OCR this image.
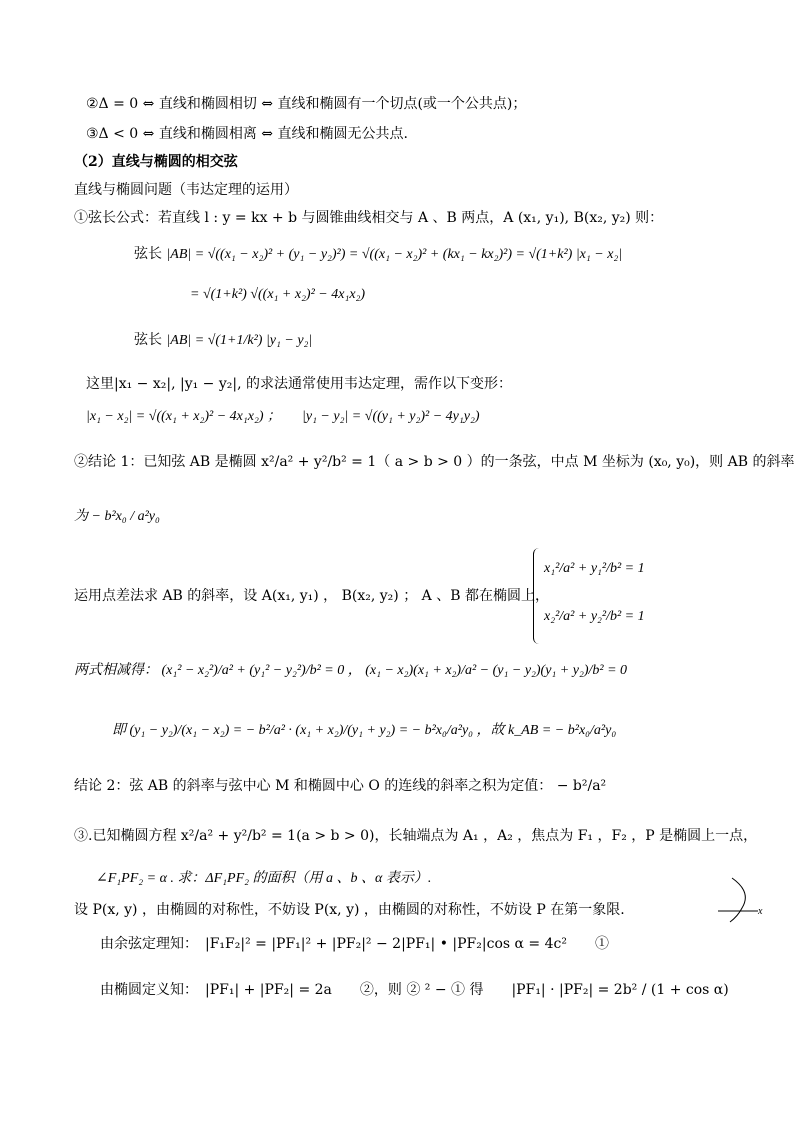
②Δ = 0 ⇔ 直线和椭圆相切 ⇔ 直线和椭圆有一个切点(或一个公共点)；
③Δ < 0 ⇔ 直线和椭圆相离 ⇔ 直线和椭圆无公共点.
（2）直线与椭圆的相交弦
直线与椭圆问题（韦达定理的运用）
①弦长公式：若直线 l : y = kx + b 与圆锥曲线相交与 A 、B 两点，A (x₁, y₁), B(x₂, y₂) 则：
弦长 |AB| = √((x₁ − x₂)² + (y₁ − y₂)²) = √((x₁ − x₂)² + (kx₁ − kx₂)²) = √(1+k²) |x₁ − x₂|
= √(1+k²) √((x₁ + x₂)² − 4x₁x₂)
弦长 |AB| = √(1+1/k²) |y₁ − y₂|
这里|x₁ − x₂|, |y₁ − y₂|, 的求法通常使用韦达定理，需作以下变形：
|x₁ − x₂| = √((x₁ + x₂)² − 4x₁x₂) ；　　|y₁ − y₂| = √((y₁ + y₂)² − 4y₁y₂)
②结论 1：已知弦 AB 是椭圆 x²/a² + y²/b² = 1（ a > b > 0 ）的一条弦，中点 M 坐标为 (x₀, y₀)，则 AB 的斜率
为 − b²x₀ / a²y₀
运用点差法求 AB 的斜率，设 A(x₁, y₁) ， B(x₂, y₂) ； A 、B 都在椭圆上，
x₁²/a² + y₁²/b² = 1
x₂²/a² + y₂²/b² = 1
两式相减得： (x₁² − x₂²)/a² + (y₁² − y₂²)/b² = 0 ， (x₁ − x₂)(x₁ + x₂)/a² − (y₁ − y₂)(y₁ + y₂)/b² = 0
即 (y₁ − y₂)/(x₁ − x₂) = − b²/a² · (x₁ + x₂)/(y₁ + y₂) = − b²x₀/a²y₀ ，故 k_AB = − b²x₀/a²y₀
结论 2：弦 AB 的斜率与弦中心 M 和椭圆中心 O 的连线的斜率之积为定值： − b²/a²
③.已知椭圆方程 x²/a² + y²/b² = 1(a > b > 0)，长轴端点为 A₁ ，A₂ ，焦点为 F₁ ，F₂ ，P 是椭圆上一点，
∠F₁PF₂ = α . 求：ΔF₁PF₂ 的面积（用 a 、b 、α 表示）.
x
设 P(x, y) ，由椭圆的对称性，不妨设 P(x, y) ，由椭圆的对称性，不妨设 P 在第一象限.
由余弦定理知：　|F₁F₂|² = |PF₁|² + |PF₂|² − 2|PF₁| • |PF₂|cos α = 4c²　　①
由椭圆定义知：　|PF₁| + |PF₂| = 2a　　②，则 ② ² − ① 得　　|PF₁| · |PF₂| = 2b² / (1 + cos α)
